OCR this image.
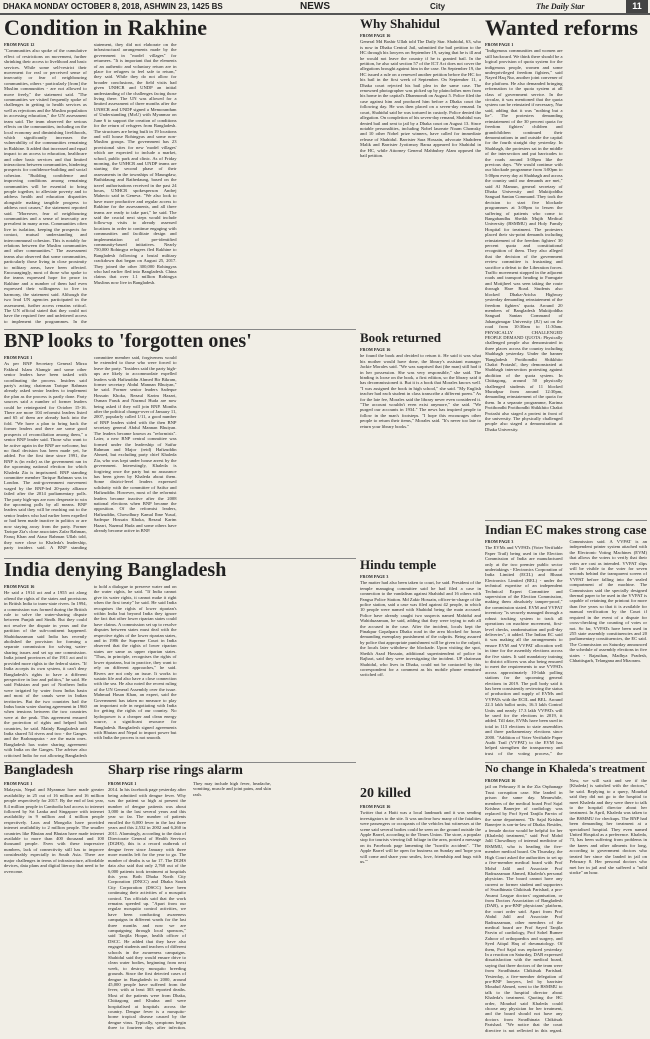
DHAKA MONDAY OCTOBER 8, 2018, ASHWIN 23, 1425 BS	NEWS	City	The Daily Star	11
Condition in Rakhine

FROM PAGE 12

"Communities also spoke of the cumulative effect of restrictions on movement, further shrinking their access to livelihood and basic services. While some self-restrict their movement for real or perceived sense of insecurity or fear of neighbouring communities, others - particularly [from] the Muslim communities - are not allowed to move freely," the statement said. "The communities we visited frequently spoke of challenges in getting to health services as well as rejections and the Muslim population in accessing education," the UN assessment team said. The team observed the serious effects on the communities, including on the local economy and diminishing livelihoods, which significantly increases the vulnerability of the communities remaining in Rakhine. It added that increased and equal impact to an access to education, healthcare and other basic services and that limited interactions between communities, hindering prospects for confidence-building and social cohesion. "Building confidence and improving conditions among remaining communities will be essential to bring people together, to alleviate poverty and to address health and education disparities alongside making tangible progress to address root causes," the statement reported said. "Moreover, fear of neighbouring communities and a sense of insecurity are prevalent in many areas. Communities often live in isolation, keeping the prospects for contact, mutual understanding and intercommunal cohesion. This is notably for relations between the Muslim communities and other communities." The assessment teams also observed that some communities, particularly those living in close proximity to military areas, have been affected. Encouragingly, most of those who spoke to the teams expressed hope for peace in Rakhine and a number of them had even expressed their willingness to live in harmony, the statement said. Although the two lead UN agencies participated in the assessment, further access remains critical. The UN official stated that they could not have the required free and unfettered access to implement the programmes. In the statement, they did not elaborate on the infrastructural arrangements made by the government in "model villages" for returnees. "It is important that the elements of an authentic and voluntary return are in place for refugees to feel safe to return," they said. While they do not allow for broader conclusions, the field visits had given UNHCR and UNDP an initial understanding of the challenges facing those living there. The UN was allowed for a limited assessment of three months after the UNHCR and UNDP signed a Memorandum of Understanding (MoU) with Myanmar on June 6 to support the creation of conditions for the return of refugees from Bangladesh. The structures are being built in 19 locations and will house Rohingyas and some non-Muslim groups. The government has 23 provisional sites for new 'model villages' which are expected to include a market, school, public park and clinic. As of Friday morning, the UNHCR and UNDP teams are starting the second phase of their assessments in the townships of Maungdaw, Buthidaung and Rathedaung, based on the travel authorisations received in the past 24 hours, UNHCR spokesperson Andrej Mahecic said in Geneva. "We also look to have more productive and regular access to Rakhine for the assessments, and all three teams are ready to take part," he said. The said the crucial next steps would include follow-up visits to already assessed locations in order to continue engaging with communities and facilitate design and implementation of pre-identified community-based initiatives. Nearly 750,000 Rohingya refugees fled Rakhine to Bangladesh following a brutal military crackdown that began on August 25, 2017. They joined the other 300,000 Rohingyas who had earlier fled into Bangladesh. China claims that over 1.1 million Rohingya Muslims now live in Bangladesh.

Why Shahidul

FROM PAGE 16

General Md Bashir Ullah told The Daily Star. Shahidul, 63, who is now in Dhaka Central Jail, submitted the bail petition to the HC through his lawyers on September 19, saying that he is ill and he would not leave the country if he is granted bail. In the petition, he also said section 57 of the ICT Act does not cover the allegations brought against him in the case. On September 19, the HC issued a rule on a renewed another petition before the HC for his bail in the first week of September. On September 11, a Dhaka court rejected his bail plea in the same case. The renowned photographer was picked up by plainclothes men from his home in the capital's Dhanmondi on August 5. Police filed the case against him and produced him before a Dhaka court the following day. He was then placed on a seven-day remand. In court, Shahidul said he was tortured in custody. Police denied the allegation. On completion of his seven-day remand, Shahidul was denied bail and sent to jail by a Dhaka court on August 13. Since notable personalities, including Nobel laureate Noam Chomsky and 10 other Nobel prize winners, have called for immediate release of Shahidul. Barrister Sara Hossain, advocate Shahdeen Malik and Barrister Jyotirmoy Barua appeared for Shahidul in the HC, while Attorney General Mahbubey Alam opposed the bail petition.

Wanted reforms

FROM PAGE 1

"Indigenous communities and women are still backward. We think there should be a logical provision of quota system for the indigenous people, women and some underprivileged freedom fighters," said Nayed Haq Nur, another joint convener of the platform. He also demanded bringing reformation to the quota system at all class of government service. In the circular, it was mentioned that the quota system can be reinstated if necessary, Nur said, adding that it was "nothing but a lie". The protesters demanding reinstatement of the 30 percent quota for freedom fighters' children and grandchildren continued their demonstrations in and outside the capital for the fourth straight day yesterday. In Shahbagh, the protesters sat in the middle of the intersection and put barricades to the roads around 3:00pm like the previous days. "We would continue with our blockade programme from 3:00pm to 5:00pm every day at Shahbagh and across the country until our demands are met," said Al Mamun, general secretary of Dhaka University and Muktijoddha Sangsad Santan Command. They took the decision to start five blockade programmes at 3:00pm to lessen the suffering of patients who come to Bangabandhu Sheikh Mujib Medical University (BSMMU) and Holy Family Hospital for treatment. The protesters placed their six-point demands including reinstatement of the freedom fighters' 30 percent quota and constitutional recognition of them. They also alleged that the decision of the government review committee is frustrating and sacrifice a defeat to the Liberation forces. Traffic movement stopped in the adjacent roads and transport heading to Farmgate and Motijheel was seen taking the route through Hare Road. Students also blocked Dhaka-Aricha Highway yesterday demanding reinstatement of the freedom fighters' quota. Around 20 members of Bangladesh Muktijoddha Sangsad Santan Command of Jahangirnagar University (JU) sat on the road from 10:30am to 11:30am. PHYSICALLY CHALLENGED PEOPLE DEMAND QUOTA: Physically challenged people also demonstrated in three places across the country including Shahbagh yesterday. Under the banner 'Bangladesh Protibondhi Shikkhito Chakri Protashi', they demonstrated at Shahbagh intersection protesting against abolition of the quota system. In Chittagong, around 50 physically challenged students of 11 blocked Muradpur from around 12:30pm, demanding reinstatement of the quota for them. In a separate programme, Karima Protibondhi Protibondhi Shikkhito Chakri Protashi also staged a protest in front of the university. The physically challenged people also staged a demonstration at Dhaka University.

BNP looks to 'forgotten ones'

FROM PAGE 1

As per BNP Secretary General Mirza Fakhrul Islam Alamgir and some other senior leaders have been tasked with coordinating the process. Insiders said party's acting chairman Tarique Rahman already asked senior leaders to implement the plan as the process is partly done. Party sources said a number of former leaders could be reintegrated for October 15-16. There are more 104 reformist leaders listed and 65 of them are already back into the fold. "We have a plan to bring back the former leaders and there are some good prospects of reconciliation among them," a senior BNP leader said. Those who want to be active again in the BNP are welcome, but no final decision has been made yet, he added. For the first time since 1991, the BNP is (in exile) as the government ran in the upcoming national election for which Khaleda Zia is imprisoned. BNP standing committee member Tarique Rahman was in London. The anti-government movement waged by the BNP-led 20-party alliance failed after the 2014 parliamentary polls. The party high-ups are now desperate to win the upcoming polls by all means. BNP leaders said they will be reaching out to the senior leaders who had earlier been expelled or had been made inactive in politics or are now staying away from the party. Former Tarique Zia's close associates Zafar Rahman, Faruq Khan and Ataur Rahman Ullah told, they were close to Khaleda's leadership, party insiders said. A BNP standing committee member said, forgiveness would be extended to those who were forced to leave the party. "Insiders said the party high-ups are likely to accommodate expelled leaders with Hafizuddin Ahmed Bir Bikram, former secretary Abdul Mannan Bhuiyan," he said. Former senior leaders Sadeque Hossain Khoka, Rezaul Karim Hazari, Osman Faruk and Nazmul Huda are now being asked if they will join BNP. Months after the political change-over of January 11, 2007, popularly called 1/11, a good number of BNP leaders sided with the then BNP secretary general Abdul Mannan Bhuiyan. The leaders became known as "reformists". Later, a new BNP central committee was formed under the leadership of Saifur Rahman and Major (retd) Hafizuddin Ahmed, but excluding party chief Khaleda Zia, who was kept under house arrest by the government. Interestingly, Khaleda is forgiving once the party but no assurance has been given by Khaleda about them. Some district-level leaders expressed solidarity with the committee of Saifur and Hafizuddin. However, most of the reformist leaders became inactive after the 2008 national elections when BNP became the opposition. Of the reformist leaders, Hafizuddin, Chowdhury Kamal Ibne Yusuf, Sadeque Hossain Khoka, Rezaul Karim Hazari, Nazmul Huda and some others have already become active in BNP.

Book returned

FROM PAGE 16

he found the book and decided to return it. He said it was what his mother would have done, the library's assistant manager Jackie Morales said. "We was surprised that (the man) still had it in her possession. She was very responsible," she said. The binding is loose on the book, a first edition, so the library said it has decommissioned it. But it is a book that Morales knows well. "I was assigned the book in high school," she said. "My English teacher had each student in class transcribe a different poem." As for the late fee, Morales said the library never even considered it. "The account wouldn't even exist anymore," she said. "We purged our accounts in 1934." The news has inspired people to follow in the man's footsteps. "I hope this encourages other people to return their items," Morales said. "It's never too late to return your library books."

India denying Bangladesh

FROM PAGE 16

He said a 1914 act and a 1955 act along oftend the rights of the states and provisions in British India to trans-state rivers. In 1994, a commission was formed during the British rule to solve the water-sharing dispute between Punjab and Sindh. But they could not resolve the dispute in years and the partition of the sub-continent happened. Shahiduzzaman said India has recently abolished the provision for forming a separate commission for solving water-sharing issues and set up one commission. India joined provinces of the 1911 act and it provided more rights to the federal states. "If India accepts its own system, it can't deny Bangladesh's rights to have a different perspective in law and politics," he said. He said Pakistan and part of Northern India were irrigated by water from Indus basin and most of the canals were in Indian territories. But the two countries had the Indus basin water sharing agreement in 1960 when tensions between the two countries were at the peak. This agreement ensured the protection of rights and helped both countries, he said. Mainly Bangladesh and India shared 54 rivers and two - the Ganges and the Brahmaputra - are the main ones. Bangladesh has water sharing agreement with India on the Ganges. The adviser also criticised India for not allowing Bangladesh to hold a dialogue to preserve water and on the water rights, he said. "If India cannot give its water rights, it cannot make it right when the first treaty" he said. He said India recognises the rights of lower riparian's within India but beyond India they ignore the fact that other lower riparian states could have claims. A commission set up to resolve disputes between states must deal with the respective rights of the lower riparian states, and in 1986 the Supreme Court in India observed that the rights of lower riparian states are same as upper riparian states. "Thus, in principle, recognises the rights of lower riparians, but in practice, they want to rely on different approaches," he said. Rivers are not only an issue. It works to sustain life and also have a close connection with the sea. He also noted the recent ruling of the UN General Assembly over the issue. Mahmud Hasan Khan, an expert, said the Government has taken no measure to play an important role in negotiating with India for getting the rights of our country. No hydropower is a cheaper and clean energy source, a significant resource for Bangladesh. Bangladesh signed agreements with Bhutan and Nepal to import power but with India the process is not smooth.

Hindu temple

FROM PAGE 3

The matter had also been taken to court, he said. President of the temple managing committee said he had filed a case in connection to the vandalism against Shahidul and 16 others with Pangsa Police Station. Md Zakir Hossain, officer-in-charge of the police station, said a case was filed against 42 people, in which 10 people were named with Shahidul being the main accused. Police have already caught two suspects named Mahidul and Wahiduzzaman, he said, adding that they were trying to nab all the accused in the case. After the incident, locals kept the Pinakpur Gopalpara Dhaka road in the area blocked for hours demanding exemplary punishment of the culprits. Being assured by police that appropriate punishment will be given to the culprit, the locals later withdrew the blockade. Upon visiting the spot, Sheikh Azad Hossain, additional superintendent of police in Rajbari, said they were investigating the incident. UP chairman Shahidul, who lives in Dhaka, could not be contacted by this correspondent for a comment as his mobile phone remained switched off.

Indian EC makes strong case

FROM PAGE 3

The EVMs and VVPATs (Voter Verifiable Paper Trail) being used in the Election Commission of India are manufactured only at the two premier public sector undertakings - Electronics Corporation of India Limited (ECIL) and Bharat Electronics Limited (BEL) - under the technical expertise of an independent Technical Expert Committee and supervision of the Election Commission, making them absolutely tamper-proof," the commission stated. EVM and VVPAT inventory "is securely managed through a robust tracking system to track all operations on machine movement, first-level checks, randomisation and poll-day deliveries", it added. The Indian EC said it was making all the arrangements to ensure EVM and VVPAT allocation well in time for the assembly elections across the five states. It said mandatory training to district officers was also being ensured to meet the requirements to use VVPATs across approximately 10-lakh polling stations for the upcoming general elections in 2019. The poll body said it has been consistently reviewing the status of production and supply of EVMs and VVPATs with the ECIL and BEL. Around 22.3 lakh ballot units, 16.3 lakh Control Units and nearly 17.3 lakh VVPATs will be used for the elections in 2019, it added. Till date, EVMs have been used in total in 113 elections to state assemblies and three parliamentary elections since 2000. "Addition of Voter Verifiable Paper Audit Trail (VVPAT) to the EVM has helped strengthen the transparency and trust of the voting process," the Commission said. A VVPAT is an independent printer system attached with the Electronic Voting Machines (EVM) that allows the voters to verify that their votes are cast as intended. VVPAT slips will be visible to the voter for seven seconds behind the transparent screen of VVPAT before falling into the sealed compartment of the machine. The Commission said the specially designed thermal paper to be used in the VVPAT is capable of retaining the printout for more than five years so that it is available for manual verification by the Court if required in the event of a dispute for cross-checking the counting of votes or not. So far, VVPATs have been used in 255 state assembly constituencies and 20 parliamentary constituencies, the EC said. The Commission on Saturday announced the schedule of assembly elections in five states - Rajasthan, Madhya Pradesh, Chhattisgarh, Telangana and Mizoram.

Bangladesh

FROM PAGE 1

Malaysia, Nepal and Myanmar have made greater availability in 25 out of 16 million and 16 million people respectively for 2017. By the end of last year, 8.4 million people in Cambodia had access to internet followed by Sri Lanka and Singapore with internet availability in 9 million and 4 million people respectively. Laos and Mongolia have provided internet availability to 2 million people. The smaller countries like Bhutan and Bhutan have made internet available to more than 400 thousand and 100 thousand people. Even with these impressive numbers, lack of connectivity still has to improve considerably especially in South Asia. There are major challenges in terms of infrastructure, affordable devices, data plans and digital literacy that need to be overcome.

Sharp rise rings alarm

FROM PAGE 1

2014. In his facebook page yesterday after being admitted with dengue fever. Why was the patient so high at present the number of dengue patients was about 3,000 in the last several years and this year so far. The number of patients enrolled the 6,000 fever in the last three years and this 2,532 in 2002 and 6,260 in 2011. Alarmingly, according to the data of Directorate General of Health Services (DGHS), this is a record outbreak of dengue fever since January with three more months left for the year to go. The number of deaths is so far 17. The DGHS data also said that only 2,768 out of the 6,000 patients took treatment at hospitals this year. Both Dhaka North City Corporation (DNCC) and Dhaka South City Corporation (DSCC) have been continuing their activities of a mosquito control. Tax officials said that the work remains speeded up. "Apart from our regular mosquito control activities, we have been conducting awareness campaigns in different wards for the last three months and now we are campaigning through local sponsors," said Tanjila Hoque, health officer of DSCC. He added that they have also engaged students and teachers of different schools in the awareness campaigns. Shahidul said they would ensure drive to clean water bodies, beginning from next week, to destroy mosquito breeding grounds. Since the first detected cases of dengue in Bangladesh in 2000, around 45,000 people have suffered from the fever, with at least 303 reported deaths. Most of the patients were from Dhaka, Chittagong and Khulna and were hospitalised at hospitals across the country. Dengue fever is a mosquito-borne tropical disease caused by the dengue virus. Typically, symptoms begin three to fourteen days after infection. They may include high fever, headache, vomiting, muscle and joint pains, and skin rash.	20 killed

FROM PAGE 16

Twitter that a Haiti was a local landmark and it was sending investigators to the site. It was unclear how many of the fatalities were passengers or occupants of the vehicles but witnesses at the scene said several bodies could be seen on the ground outside the Apple Barrel, according to the Times Union. The store, a popular stop for tourists viewing fall foliage in the area, posted a message on its Facebook page lamenting the "horrific accident". "The Apple Barrel will be open for business on Sunday and 'hope you will come and share your smiles, love, friendship and hugs with us.'"

No change in Khaleda's treatment

FROM PAGE 16

jail on February 8 in the Zia Orphanage Trust corruption case. She landed in prison the same day. Meanwhile, members of the medical board Prof Sajal Krishna Banerjee of cardiology was replaced by Prof Syed Tanjila Parvin of the same department. "Dr Sajal Krishna Banerjee is son-in-law of Dhaka. Besides, a female doctor would be helpful for her (Khaleda) treatment," said Prof Mohd Jalil Chowdhury of internal medicine of BSMMU, who is heading the five-member medical board. On Thursday, the High Court asked the authorities to set up a five-member medical board with Prof Mohd Jalil and Associate Prof Badruzzaman Ahmed, Khaleda's personal physician. The board cannot have any current or former student and supporters of Swadhinata Chikitsak Parishad, a pro-Awami League doctors' organisation, or from Doctors Association of Bangladesh (DAB), a pro-BNP physicians' platform, the court order said. Apart from Prof Abdul Jalil and Associate Prof Badruzzaman, other members of the medical board are Prof Sayed Tanjila Parvin of cardiology, Prof Sohel Rumee Zahoor of orthopaedics and surgery, and Syed Atiqul Haq of rheumatology. Of them, Prof Sajal was replaced yesterday. In a reaction on Saturday, DAB expressed dissatisfaction with the medical board, saying that three doctors of the team were from Swadhinata Chikitsak Parishad. Yesterday, a five-member delegation of pro-BNP lawyers, led by barrister Moudud Ahmed, went to the BSMMU to talk to the hospital director about Khaleda's treatment. Quoting the HC order, Moudud said Khaleda could choose any physician for her treatment, and the board should not have any doctors from Swadhinata Chikitsak Parishad. "We notice that the court directive is not reflected in this regard. Now, we will wait and see if the [Khaleda] is satisfied with the doctors," he said. Replying to a query, Moudud said they did not go to the hospital to meet Khaleda and they were there to talk to the hospital director about her treatment. In April, Khaleda was taken to the BSMMU for checkups. The BNP had been demanding her treatment at a specialised hospital. They even named United Hospital as a preference. Khaleda, 73, has been suffering from problems in the knees and other ailments for long, according to government doctors who treated her since she landed in jail on February 8. Her personal doctors who met her in jail and she suffered a "mild stroke" an hour.
